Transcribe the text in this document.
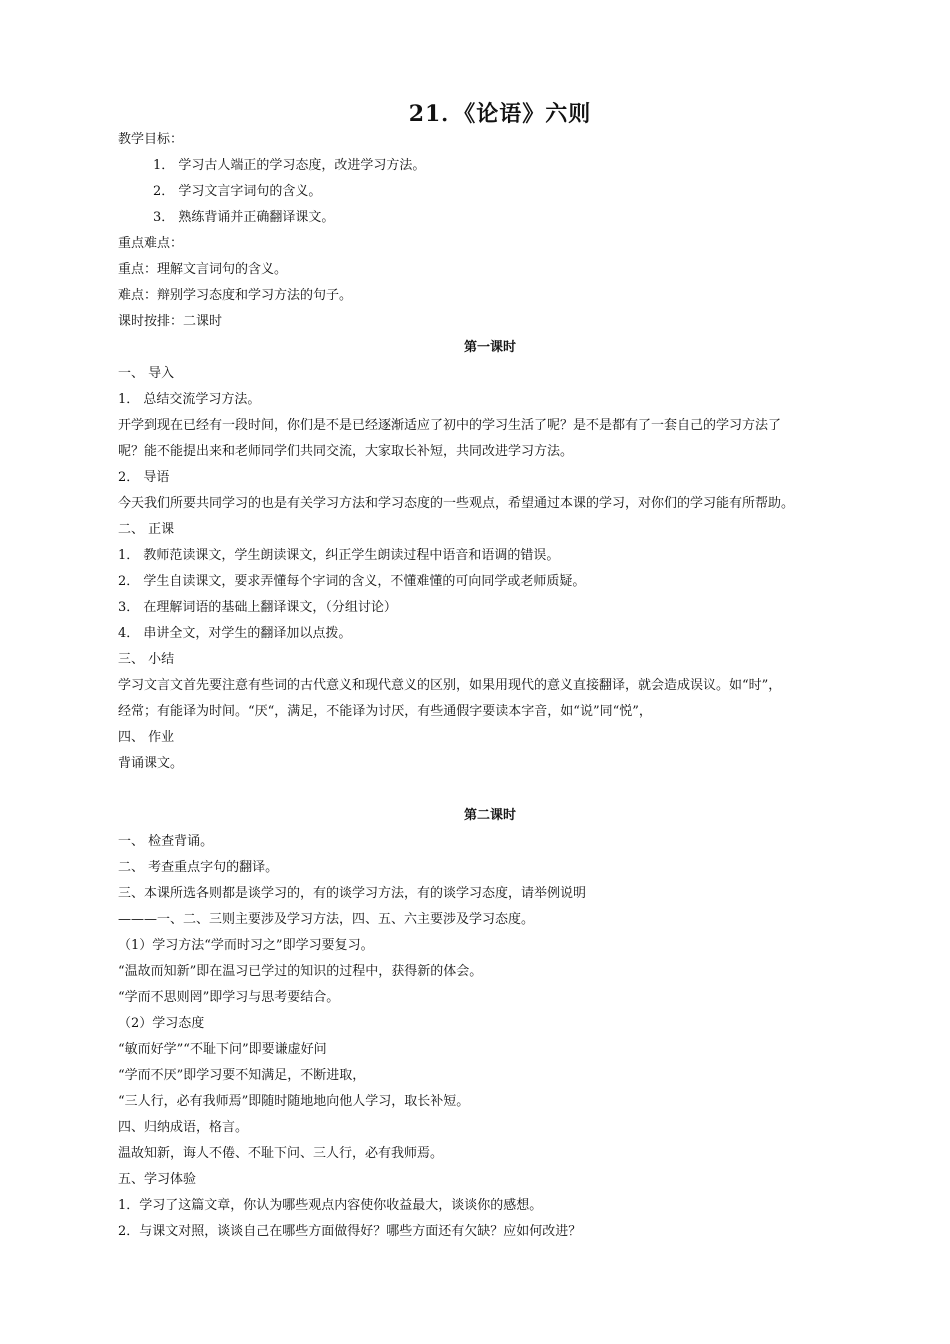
21．《论语》六则
教学目标：
1． 学习古人端正的学习态度，改进学习方法。
2． 学习文言字词句的含义。
3． 熟练背诵并正确翻译课文。
重点难点：
重点：理解文言词句的含义。
难点：辩别学习态度和学习方法的句子。
课时按排：二课时
第一课时
一、 导入
1． 总结交流学习方法。
开学到现在已经有一段时间，你们是不是已经逐渐适应了初中的学习生活了呢？是不是都有了一套自己的学习方法了
呢？能不能提出来和老师同学们共同交流，大家取长补短，共同改进学习方法。
2． 导语
今天我们所要共同学习的也是有关学习方法和学习态度的一些观点，希望通过本课的学习，对你们的学习能有所帮助。
二、 正课
1． 教师范读课文，学生朗读课文，纠正学生朗读过程中语音和语调的错误。
2． 学生自读课文，要求弄懂每个字词的含义，不懂难懂的可向同学或老师质疑。
3． 在理解词语的基础上翻译课文，（分组讨论）
4． 串讲全文，对学生的翻译加以点拨。
三、 小结
学习文言文首先要注意有些词的古代意义和现代意义的区别，如果用现代的意义直接翻译，就会造成误议。如“时”，
经常；有能译为时间。“厌“，满足，不能译为讨厌，有些通假字要读本字音，如“说”同“悦”，
四、 作业
背诵课文。
第二课时
一、 检查背诵。
二、 考查重点字句的翻译。
三、本课所选各则都是谈学习的，有的谈学习方法，有的谈学习态度，请举例说明
———一、二、三则主要涉及学习方法，四、五、六主要涉及学习态度。
（1）学习方法“学而时习之”即学习要复习。
“温故而知新”即在温习已学过的知识的过程中，获得新的体会。
“学而不思则罔”即学习与思考要结合。
（2）学习态度
“敏而好学”“不耻下问”即要谦虚好问
“学而不厌”即学习要不知满足，不断进取，
“三人行，必有我师焉”即随时随地地向他人学习，取长补短。
四、归纳成语，格言。
温故知新，诲人不倦、不耻下问、三人行，必有我师焉。
五、学习体验
1．学习了这篇文章，你认为哪些观点内容使你收益最大，谈谈你的感想。
2．与课文对照，谈谈自己在哪些方面做得好？哪些方面还有欠缺？应如何改进？
